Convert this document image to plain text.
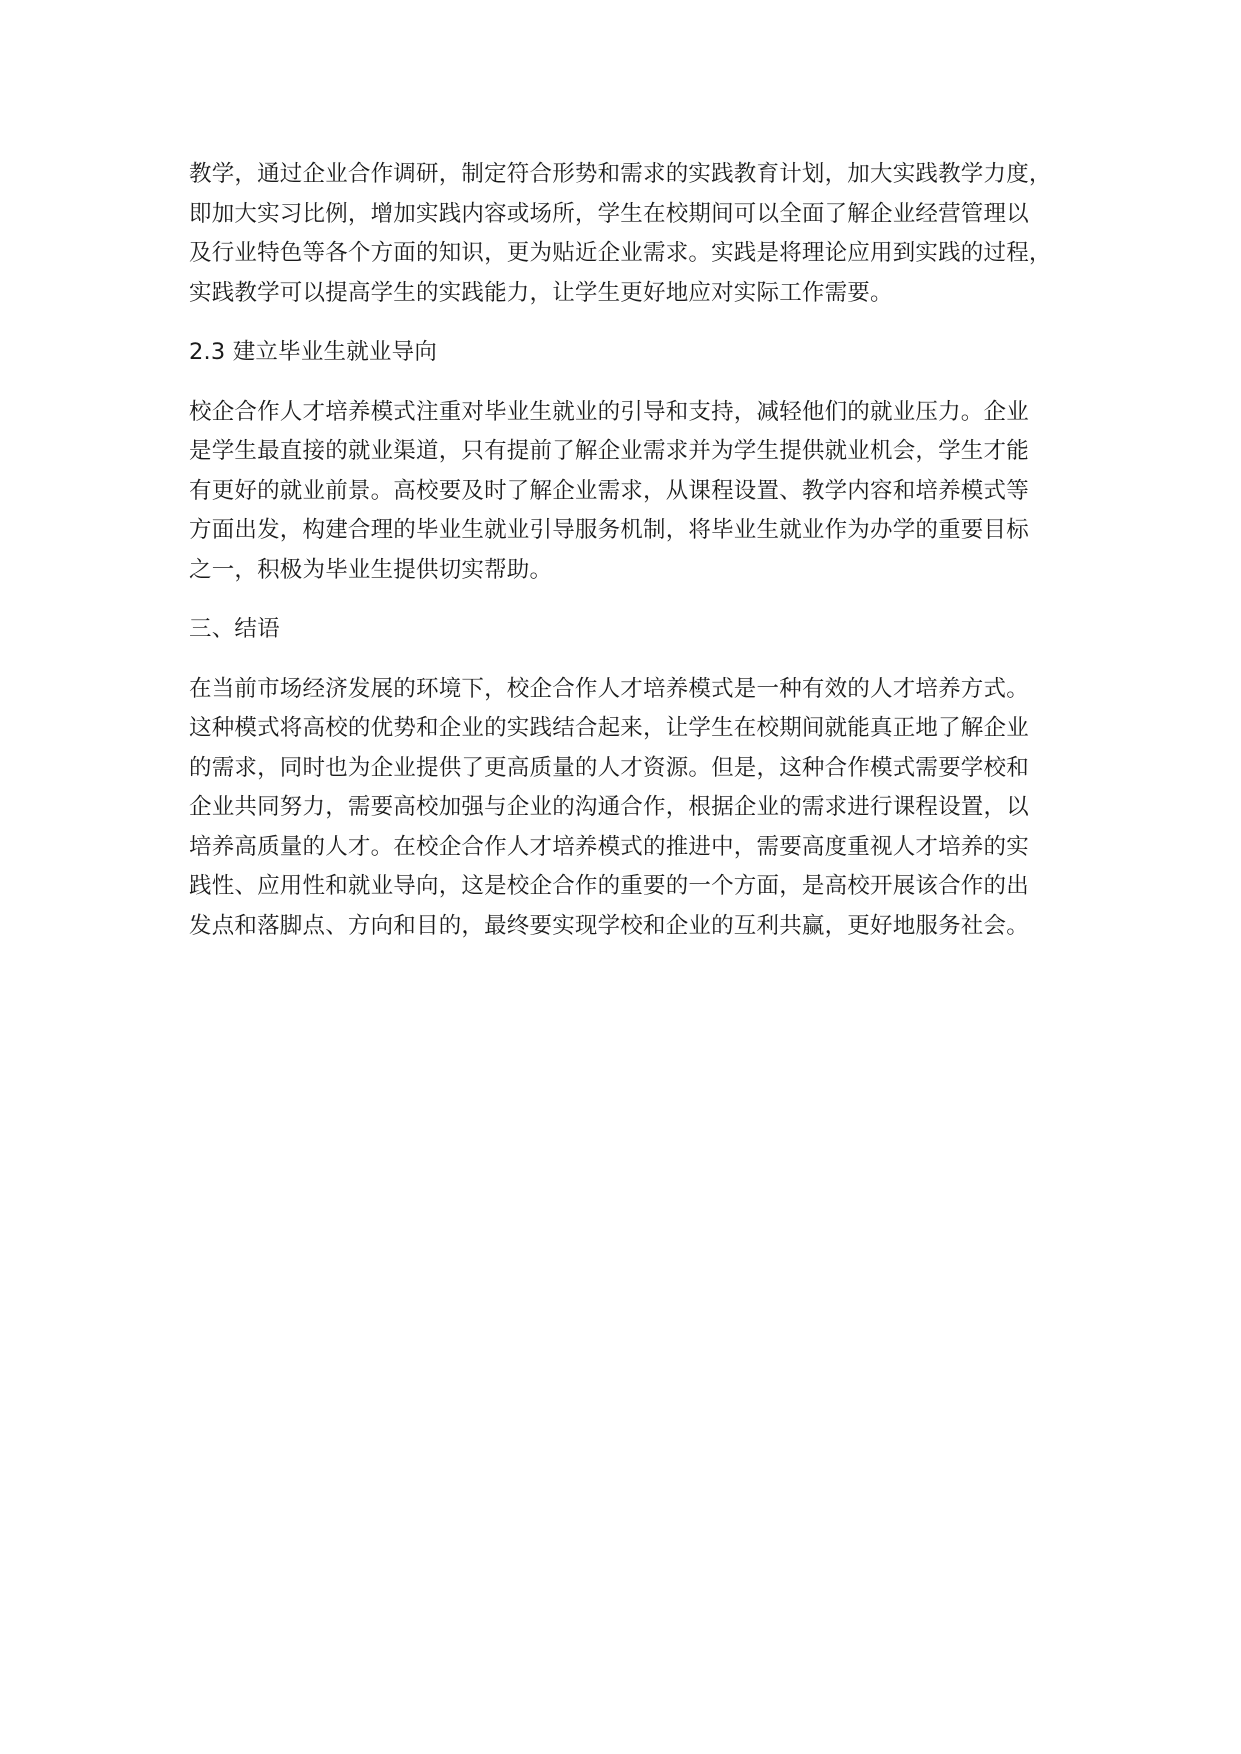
教学，通过企业合作调研，制定符合形势和需求的实践教育计划，加大实践教学力度，
即加大实习比例，增加实践内容或场所，学生在校期间可以全面了解企业经营管理以
及行业特色等各个方面的知识，更为贴近企业需求。实践是将理论应用到实践的过程，
实践教学可以提高学生的实践能力，让学生更好地应对实际工作需要。

2.3 建立毕业生就业导向

校企合作人才培养模式注重对毕业生就业的引导和支持，减轻他们的就业压力。企业
是学生最直接的就业渠道，只有提前了解企业需求并为学生提供就业机会，学生才能
有更好的就业前景。高校要及时了解企业需求，从课程设置、教学内容和培养模式等
方面出发，构建合理的毕业生就业引导服务机制，将毕业生就业作为办学的重要目标
之一，积极为毕业生提供切实帮助。

三、结语

在当前市场经济发展的环境下，校企合作人才培养模式是一种有效的人才培养方式。
这种模式将高校的优势和企业的实践结合起来，让学生在校期间就能真正地了解企业
的需求，同时也为企业提供了更高质量的人才资源。但是，这种合作模式需要学校和
企业共同努力，需要高校加强与企业的沟通合作，根据企业的需求进行课程设置，以
培养高质量的人才。在校企合作人才培养模式的推进中，需要高度重视人才培养的实
践性、应用性和就业导向，这是校企合作的重要的一个方面，是高校开展该合作的出
发点和落脚点、方向和目的，最终要实现学校和企业的互利共赢，更好地服务社会。
